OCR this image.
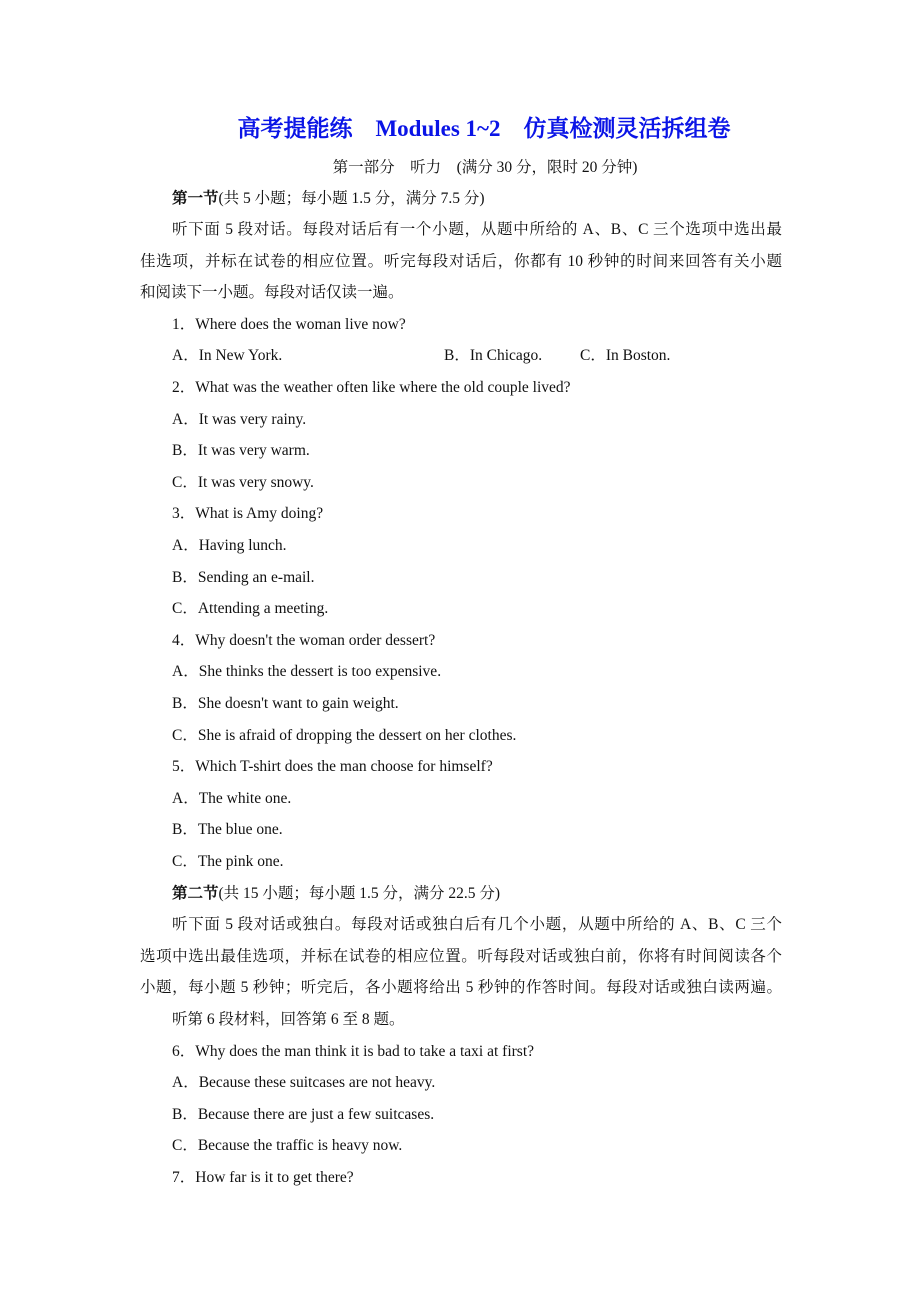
高考提能练　Modules 1~2　仿真检测灵活拆组卷
第一部分　听力　(满分 30 分，限时 20 分钟)
第一节(共 5 小题；每小题 1.5 分，满分 7.5 分)
听下面 5 段对话。每段对话后有一个小题，从题中所给的 A、B、C 三个选项中选出最
佳选项，并标在试卷的相应位置。听完每段对话后，你都有 10 秒钟的时间来回答有关小题
和阅读下一小题。每段对话仅读一遍。
1．Where does the woman live now?
A．In New York.	B．In Chicago.	C．In Boston.
2．What was the weather often like where the old couple lived?
A．It was very rainy.
B．It was very warm.
C．It was very snowy.
3．What is Amy doing?
A．Having lunch.
B．Sending an e-mail.
C．Attending a meeting.
4．Why doesn't the woman order dessert?
A．She thinks the dessert is too expensive.
B．She doesn't want to gain weight.
C．She is afraid of dropping the dessert on her clothes.
5．Which T-shirt does the man choose for himself?
A．The white one.
B．The blue one.
C．The pink one.
第二节(共 15 小题；每小题 1.5 分，满分 22.5 分)
听下面 5 段对话或独白。每段对话或独白后有几个小题，从题中所给的 A、B、C 三个
选项中选出最佳选项，并标在试卷的相应位置。听每段对话或独白前，你将有时间阅读各个
小题，每小题 5 秒钟；听完后，各小题将给出 5 秒钟的作答时间。每段对话或独白读两遍。
听第 6 段材料，回答第 6 至 8 题。
6．Why does the man think it is bad to take a taxi at first?
A．Because these suitcases are not heavy.
B．Because there are just a few suitcases.
C．Because the traffic is heavy now.
7．How far is it to get there?
